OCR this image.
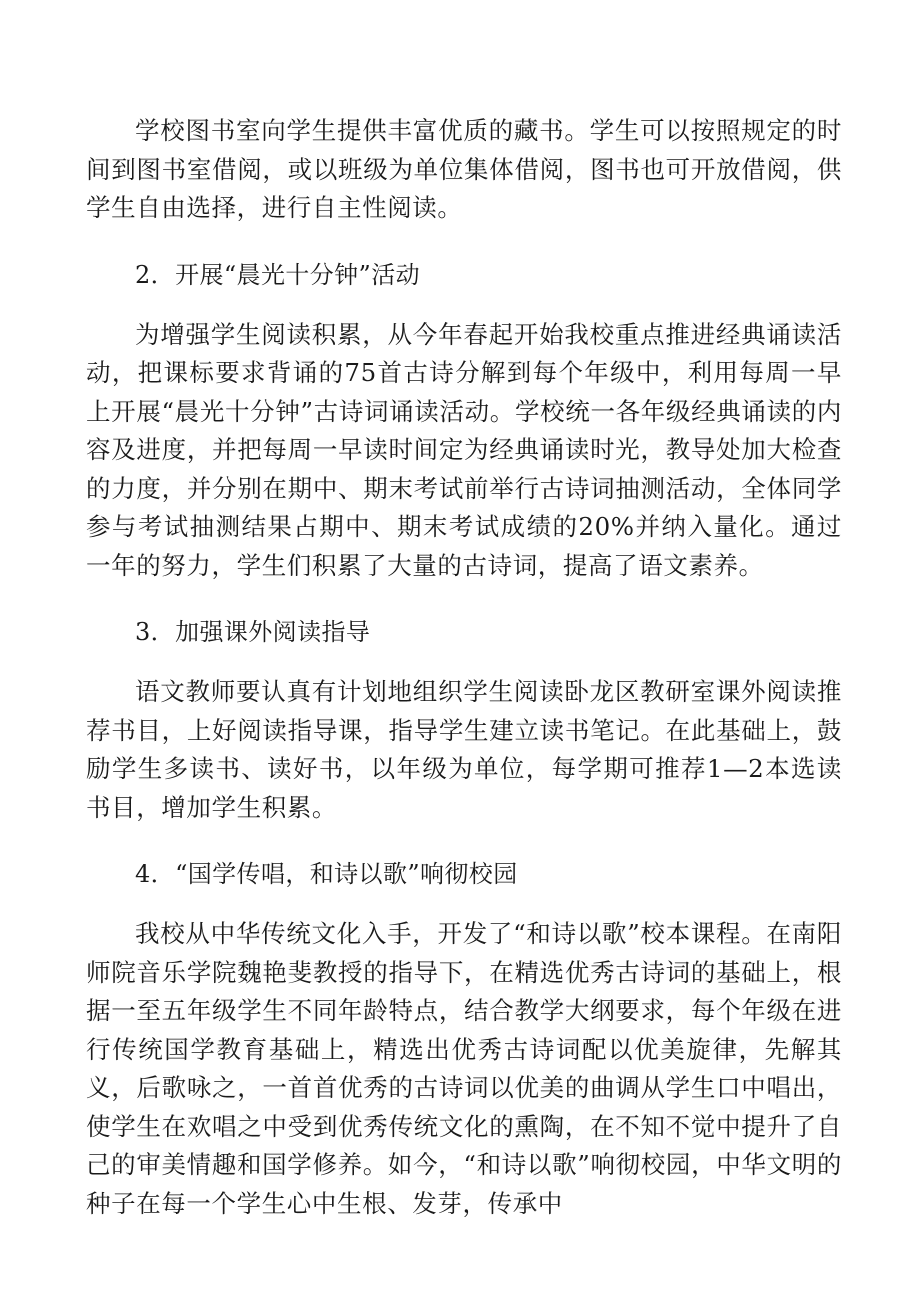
学校图书室向学生提供丰富优质的藏书。学生可以按照规定的时间到图书室借阅，或以班级为单位集体借阅，图书也可开放借阅，供学生自由选择，进行自主性阅读。

2．开展“晨光十分钟”活动

为增强学生阅读积累，从今年春起开始我校重点推进经典诵读活动，把课标要求背诵的75首古诗分解到每个年级中，利用每周一早上开展“晨光十分钟”古诗词诵读活动。学校统一各年级经典诵读的内容及进度，并把每周一早读时间定为经典诵读时光，教导处加大检查的力度，并分别在期中、期末考试前举行古诗词抽测活动，全体同学参与考试抽测结果占期中、期末考试成绩的20%并纳入量化。通过一年的努力，学生们积累了大量的古诗词，提高了语文素养。

3．加强课外阅读指导

语文教师要认真有计划地组织学生阅读卧龙区教研室课外阅读推荐书目，上好阅读指导课，指导学生建立读书笔记。在此基础上，鼓励学生多读书、读好书，以年级为单位，每学期可推荐1—2本选读书目，增加学生积累。

4．“国学传唱，和诗以歌”响彻校园

我校从中华传统文化入手，开发了“和诗以歌”校本课程。在南阳师院音乐学院魏艳斐教授的指导下，在精选优秀古诗词的基础上，根据一至五年级学生不同年龄特点，结合教学大纲要求，每个年级在进行传统国学教育基础上，精选出优秀古诗词配以优美旋律，先解其义，后歌咏之，一首首优秀的古诗词以优美的曲调从学生口中唱出，使学生在欢唱之中受到优秀传统文化的熏陶，在不知不觉中提升了自己的审美情趣和国学修养。如今，“和诗以歌”响彻校园，中华文明的种子在每一个学生心中生根、发芽，传承中
